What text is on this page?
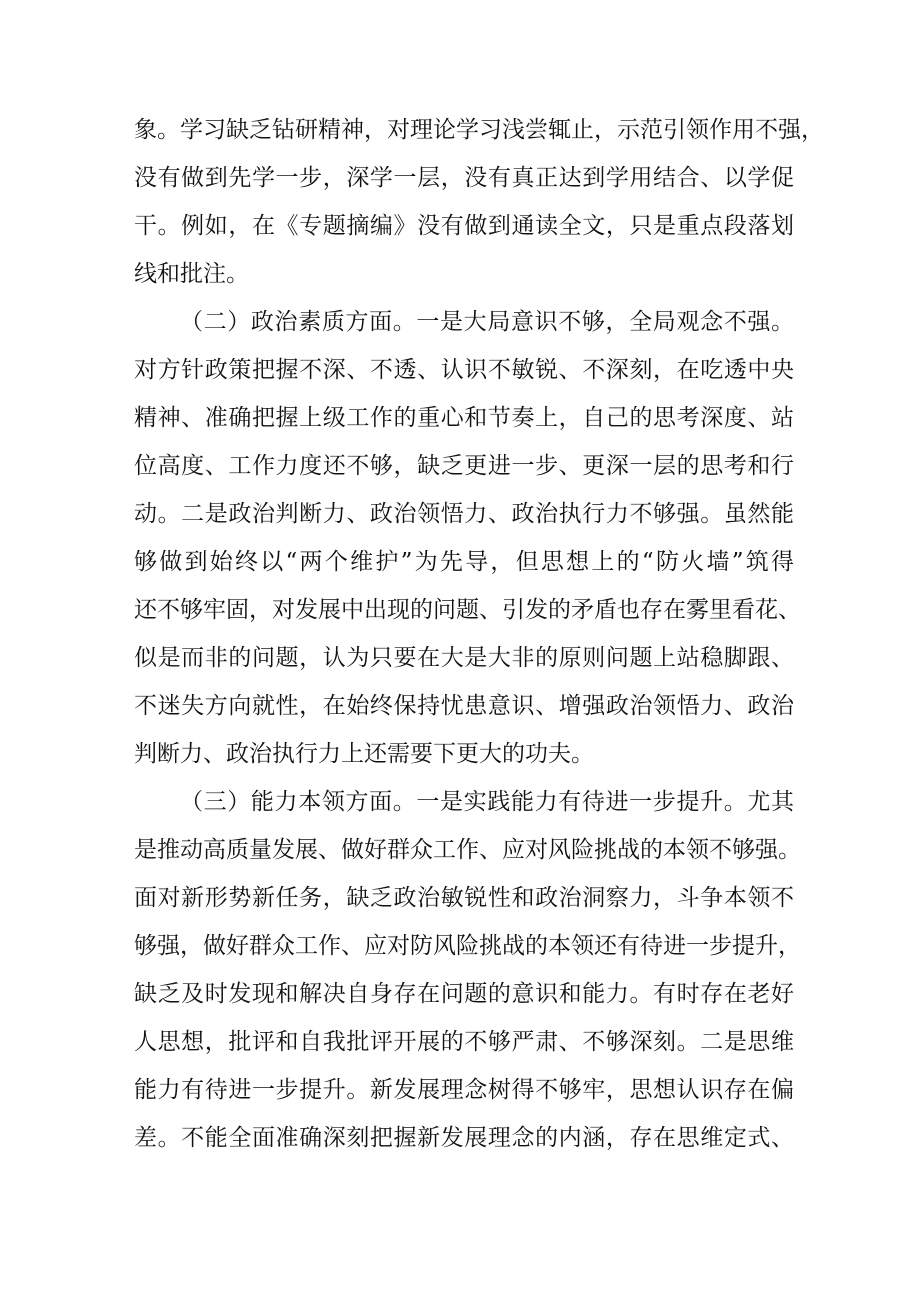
象。学习缺乏钻研精神，对理论学习浅尝辄止，示范引领作用不强，
没有做到先学一步，深学一层，没有真正达到学用结合、以学促
干。例如，在《专题摘编》没有做到通读全文，只是重点段落划
线和批注。
（二）政治素质方面。一是大局意识不够，全局观念不强。
对方针政策把握不深、不透、认识不敏锐、不深刻，在吃透中央
精神、准确把握上级工作的重心和节奏上，自己的思考深度、站
位高度、工作力度还不够，缺乏更进一步、更深一层的思考和行
动。二是政治判断力、政治领悟力、政治执行力不够强。虽然能
够做到始终以“两个维护”为先导，但思想上的“防火墙”筑得
还不够牢固，对发展中出现的问题、引发的矛盾也存在雾里看花、
似是而非的问题，认为只要在大是大非的原则问题上站稳脚跟、
不迷失方向就性，在始终保持忧患意识、增强政治领悟力、政治
判断力、政治执行力上还需要下更大的功夫。
（三）能力本领方面。一是实践能力有待进一步提升。尤其
是推动高质量发展、做好群众工作、应对风险挑战的本领不够强。
面对新形势新任务，缺乏政治敏锐性和政治洞察力，斗争本领不
够强，做好群众工作、应对防风险挑战的本领还有待进一步提升，
缺乏及时发现和解决自身存在问题的意识和能力。有时存在老好
人思想，批评和自我批评开展的不够严肃、不够深刻。二是思维
能力有待进一步提升。新发展理念树得不够牢，思想认识存在偏
差。不能全面准确深刻把握新发展理念的内涵，存在思维定式、
